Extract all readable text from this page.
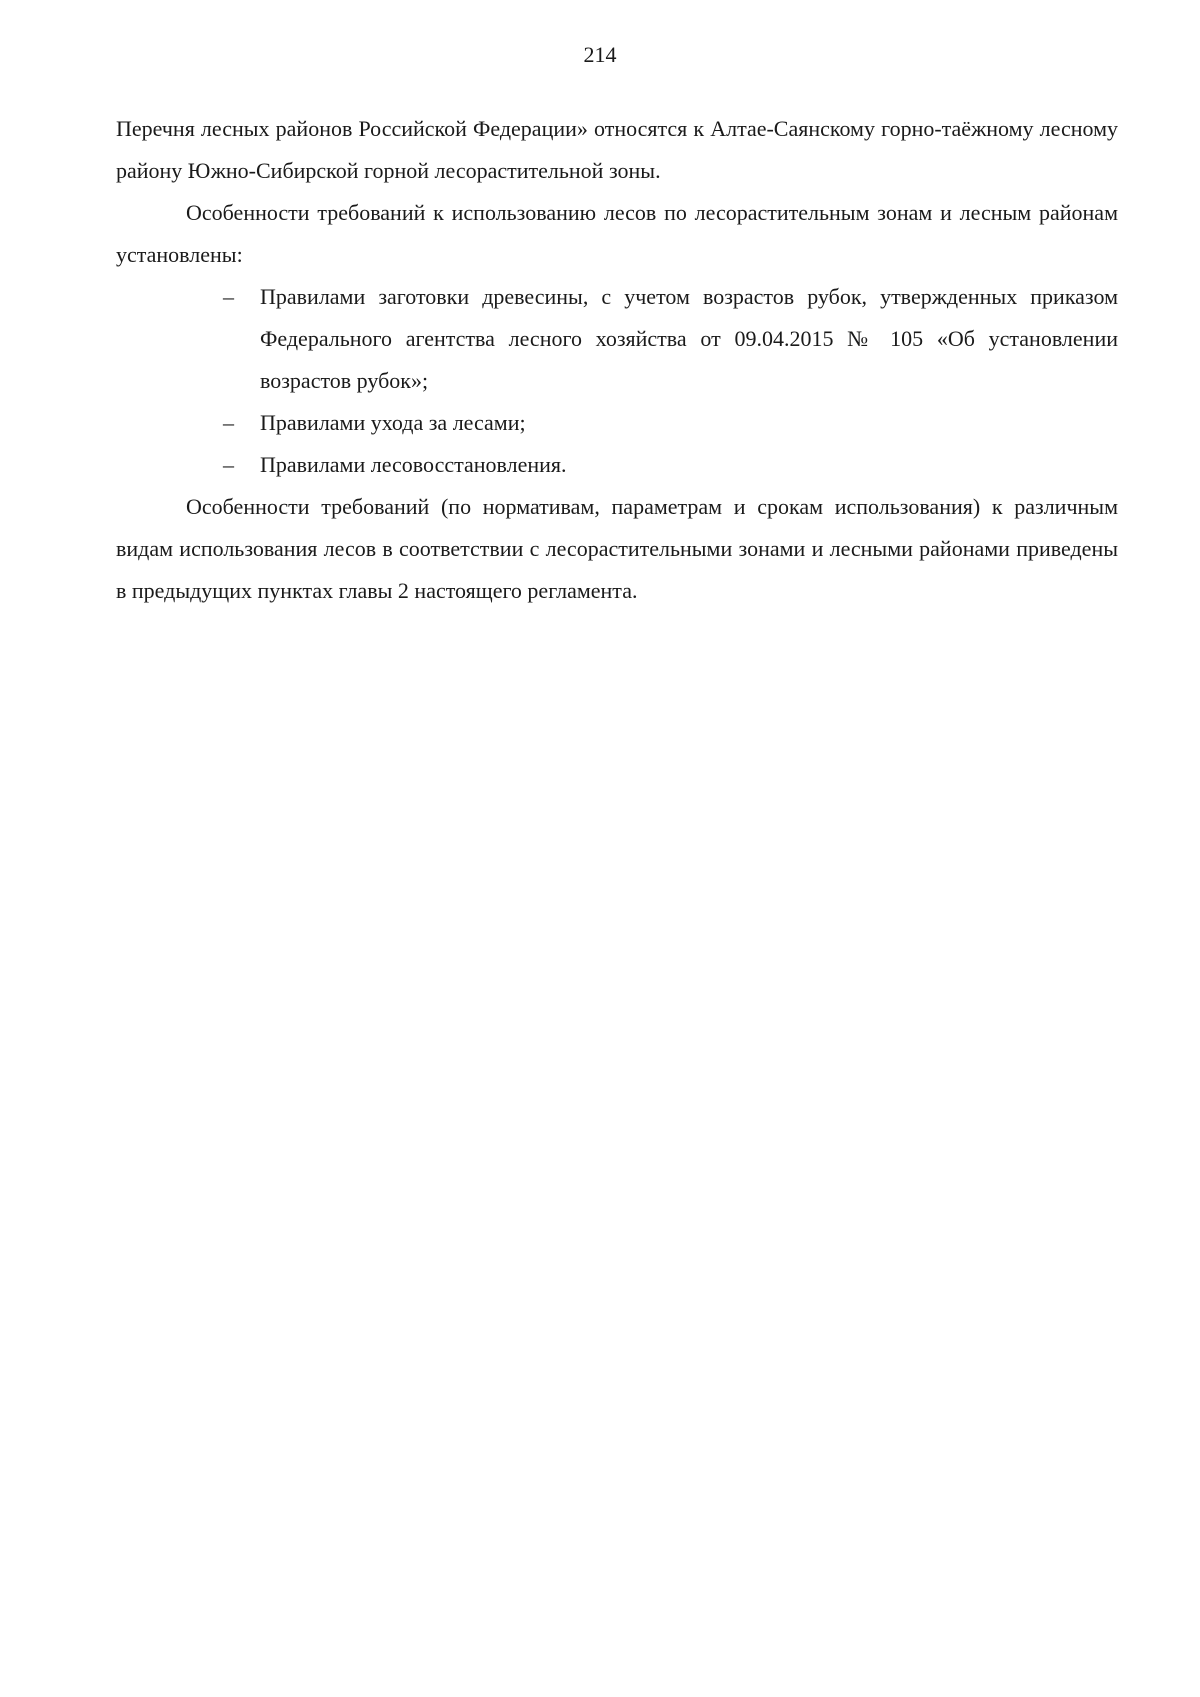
214

Перечня лесных районов Российской Федерации» относятся к Алтае-Саянскому горно-таёжному лесному району Южно-Сибирской горной лесорастительной зоны.

Особенности требований к использованию лесов по лесорастительным зонам и лесным районам установлены:

– Правилами заготовки древесины, с учетом возрастов рубок, утвержденных приказом Федерального агентства лесного хозяйства от 09.04.2015 № 105 «Об установлении возрастов рубок»;
– Правилами ухода за лесами;
– Правилами лесовосстановления.

Особенности требований (по нормативам, параметрам и срокам использования) к различным видам использования лесов в соответствии с лесорастительными зонами и лесными районами приведены в предыдущих пунктах главы 2 настоящего регламента.
